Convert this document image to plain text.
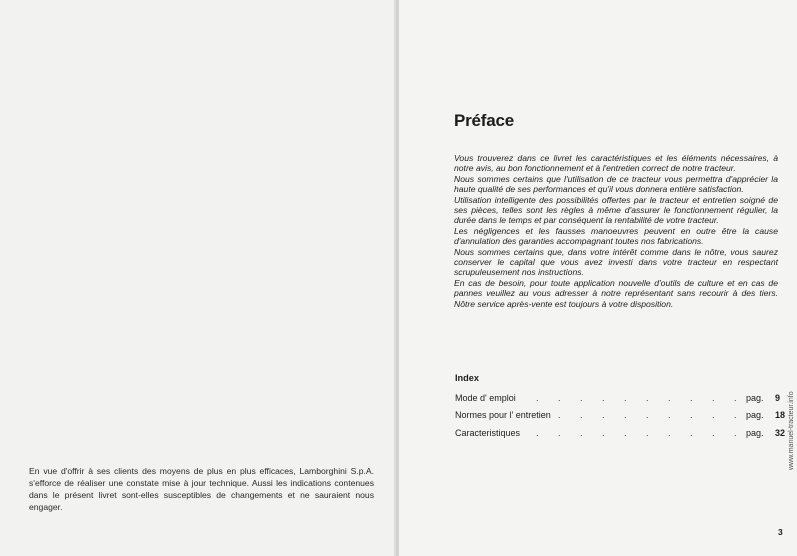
En vue d'offrir à ses clients des moyens de plus en plus efficaces, Lamborghini S.p.A. s'efforce de réaliser une constate mise à jour technique. Aussi les indications contenues dans le présent livret sont-elles susceptibles de changements et ne sauraient nous engager.
Préface

Vous trouverez dans ce livret les caractéristiques et les éléments nécessaires, à notre avis, au bon fonctionnement et à l'entretien correct de notre tracteur.

Nous sommes certains que l'utilisation de ce tracteur vous permettra d'apprécier la haute qualité de ses performances et qu'il vous donnera entière satisfaction.

Utilisation intelligente des possibilités offertes par le tracteur et entretien soigné de ses pièces, telles sont les règles à même d'assurer le fonctionnement régulier, la durée dans le temps et par conséquent la rentabilité de votre tracteur.

Les négligences et les fausses manoeuvres peuvent en outre être la cause d'annulation des garanties accompagnant toutes nos fabrications.

Nous sommes certains que, dans votre intérêt comme dans le nôtre, vous saurez conserver le capital que vous avez investi dans votre tracteur en respectant scrupuleusement nos instructions.

En cas de besoin, pour toute application nouvelle d'outils de culture et en cas de pannes veuillez au vous adresser à notre représentant sans recourir à des tiers. Nôtre service après-vente est toujours à votre disposition.

Index
. . . . . . . . . .
Mode d' emploi	pag. 9
. . . . . . . . .
Normes pour l' entretien	pag. 18
. . . . . . . . . .
Caracteristiques	pag. 32
3
www.manuel-tracteur.info
